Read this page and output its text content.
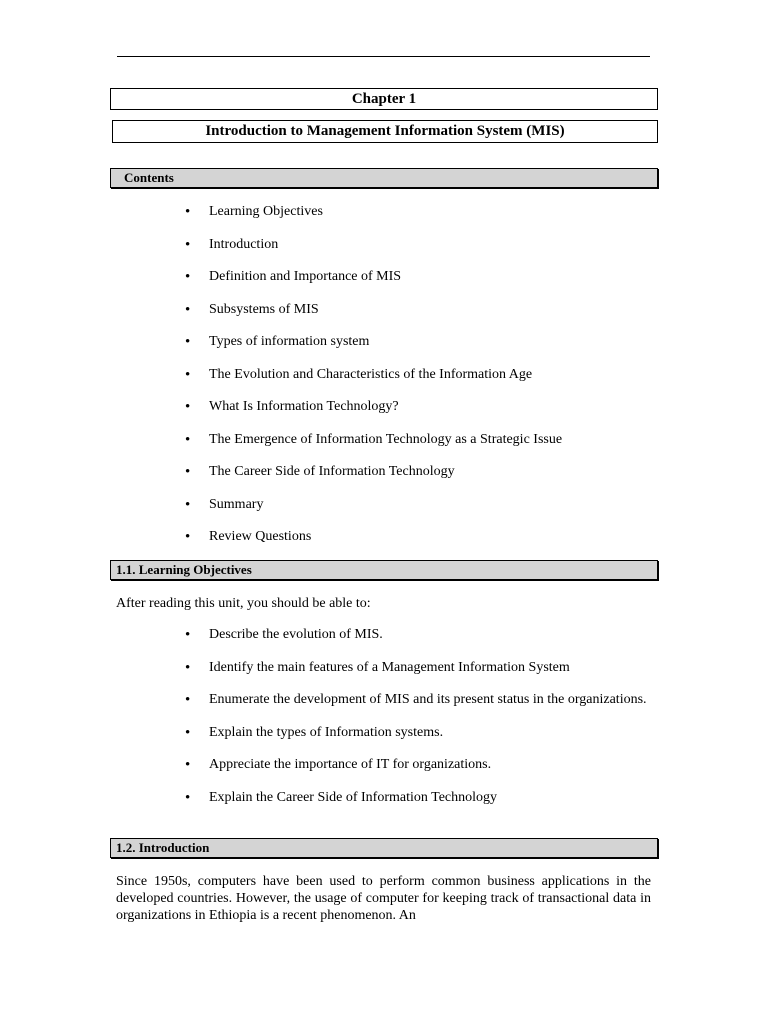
Chapter 1
Introduction to Management Information System (MIS)
Contents
• Learning Objectives
• Introduction
• Definition and Importance of MIS
• Subsystems of MIS
• Types of information system
• The Evolution and Characteristics of the Information Age
• What Is Information Technology?
• The Emergence of Information Technology as a Strategic Issue
• The Career Side of Information Technology
• Summary
• Review Questions
1.1. Learning Objectives

After reading this unit, you should be able to:

• Describe the evolution of MIS.
• Identify the main features of a Management Information System
• Enumerate the development of MIS and its present status in the organizations.
• Explain the types of Information systems.
• Appreciate the importance of IT for organizations.
• Explain the Career Side of Information Technology
1.2. Introduction

Since 1950s, computers have been used to perform common business applications in the developed countries. However, the usage of computer for keeping track of transactional data in organizations in Ethiopia is a recent phenomenon. An
